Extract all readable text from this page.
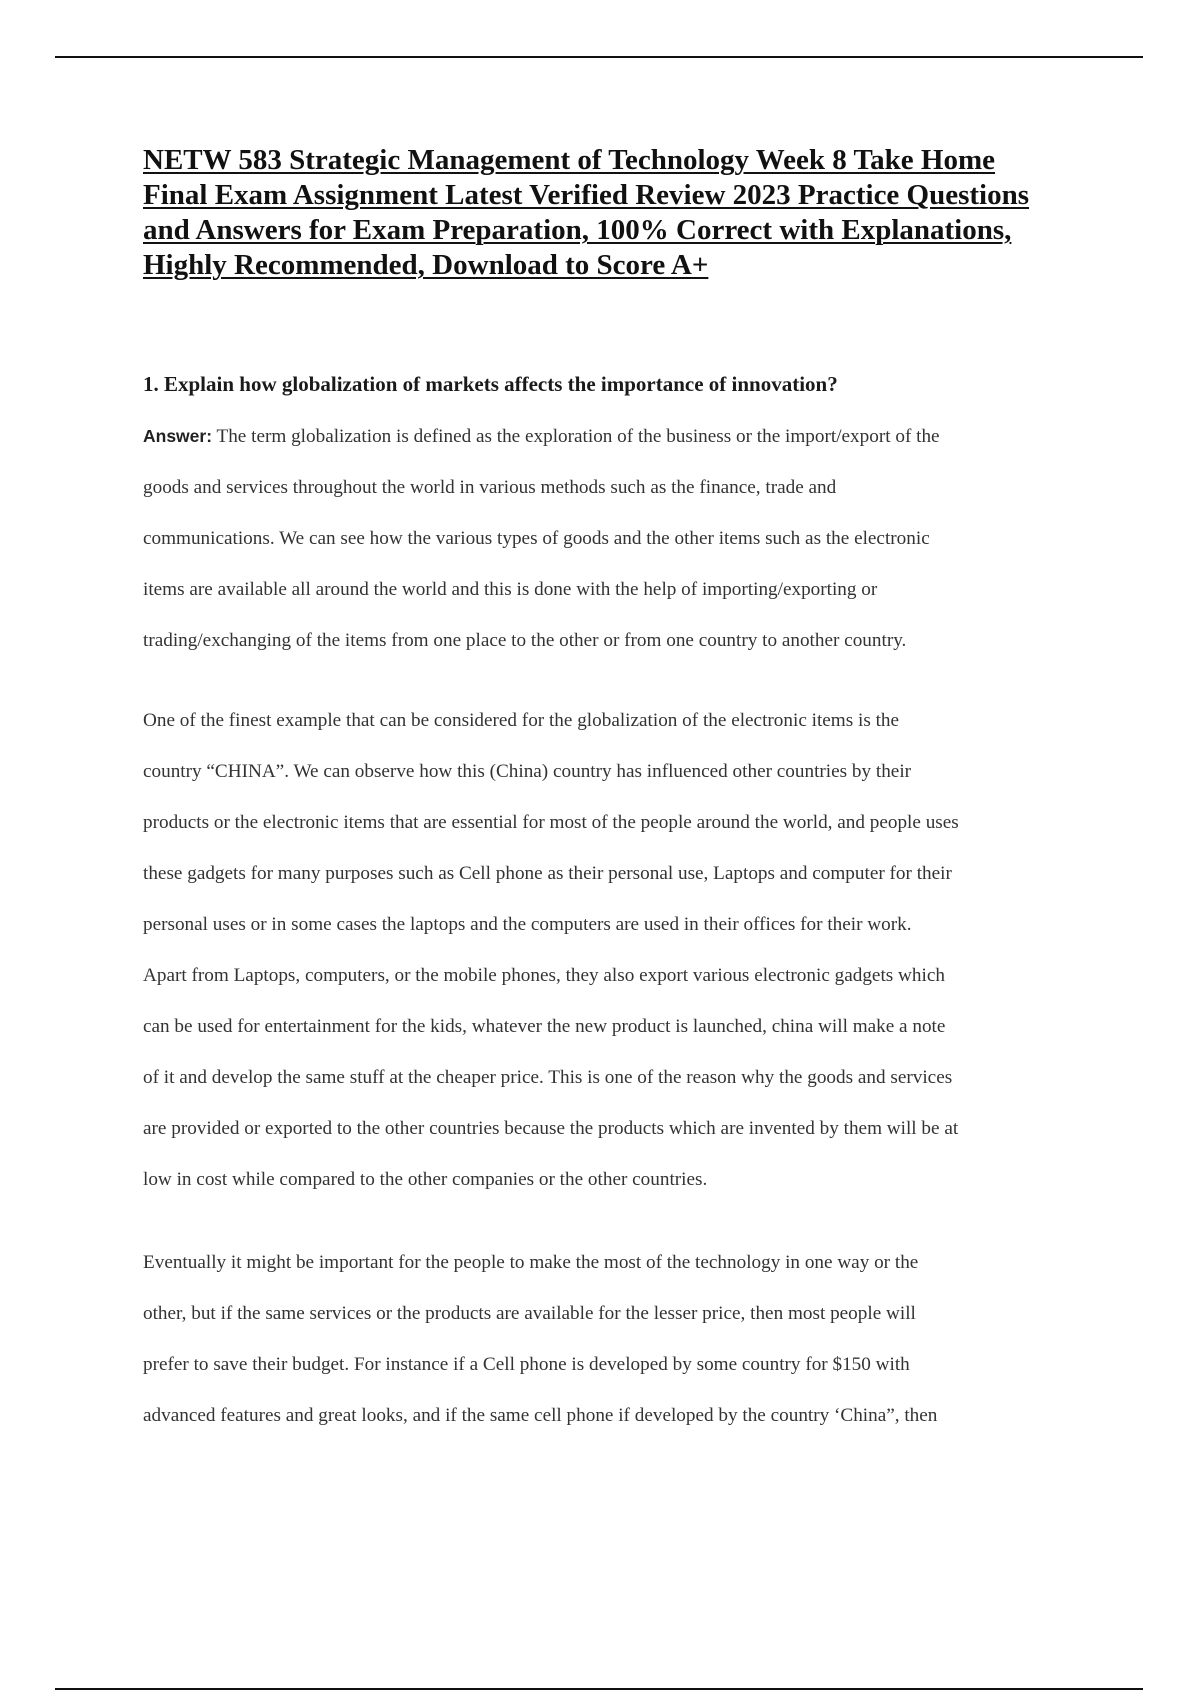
NETW 583 Strategic Management of Technology Week 8 Take Home
Final Exam Assignment Latest Verified Review 2023 Practice Questions
and Answers for Exam Preparation, 100% Correct with Explanations,
Highly Recommended, Download to Score A+
1. Explain how globalization of markets affects the importance of innovation?
Answer: The term globalization is defined as the exploration of the business or the import/export of the
goods and services throughout the world in various methods such as the finance, trade and
communications. We can see how the various types of goods and the other items such as the electronic
items are available all around the world and this is done with the help of importing/exporting or
trading/exchanging of the items from one place to the other or from one country to another country.
One of the finest example that can be considered for the globalization of the electronic items is the
country “CHINA”. We can observe how this (China) country has influenced other countries by their
products or the electronic items that are essential for most of the people around the world, and people uses
these gadgets for many purposes such as Cell phone as their personal use, Laptops and computer for their
personal uses or in some cases the laptops and the computers are used in their offices for their work.
Apart from Laptops, computers, or the mobile phones, they also export various electronic gadgets which
can be used for entertainment for the kids, whatever the new product is launched, china will make a note
of it and develop the same stuff at the cheaper price. This is one of the reason why the goods and services
are provided or exported to the other countries because the products which are invented by them will be at
low in cost while compared to the other companies or the other countries.
Eventually it might be important for the people to make the most of the technology in one way or the
other, but if the same services or the products are available for the lesser price, then most people will
prefer to save their budget. For instance if a Cell phone is developed by some country for $150 with
advanced features and great looks, and if the same cell phone if developed by the country ‘China”, then
